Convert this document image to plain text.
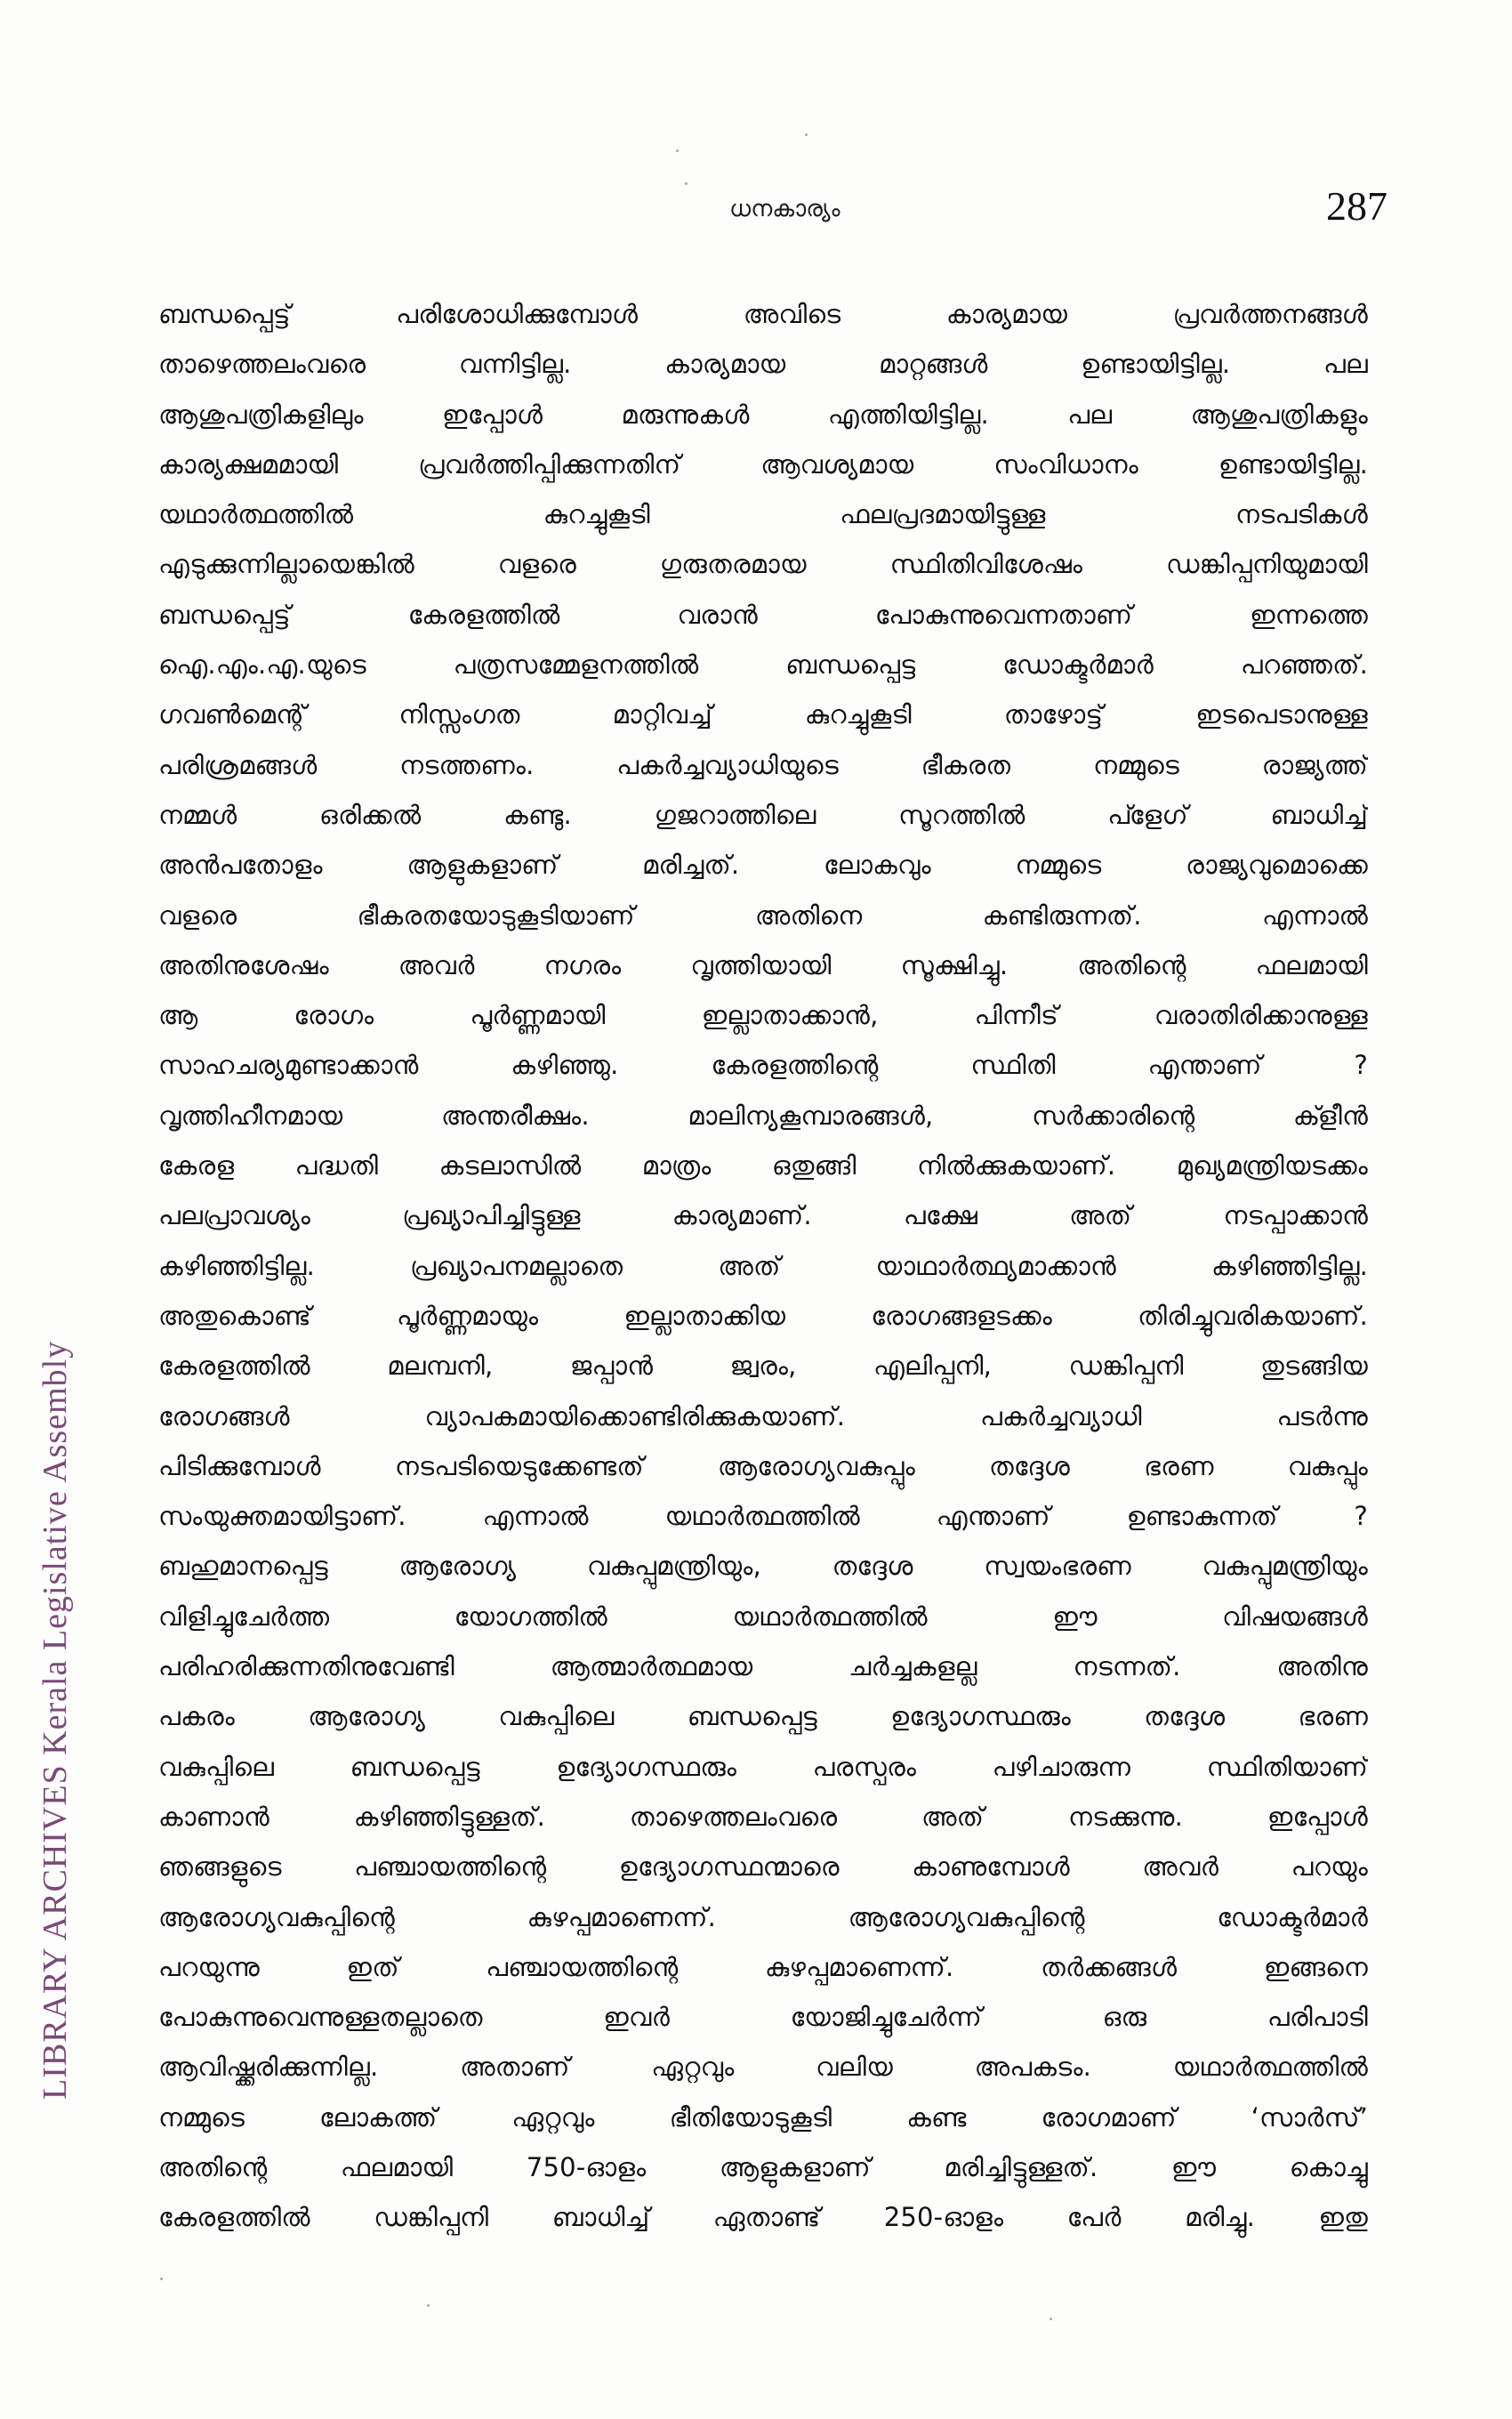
LIBRARY ARCHIVES Kerala Legislative Assembly
ധനകാര്യം	287
ബന്ധപ്പെട്ട് പരിശോധിക്കുമ്പോൾ അവിടെ കാര്യമായ പ്രവർത്തനങ്ങൾ
താഴെത്തലംവരെ വന്നിട്ടില്ല. കാര്യമായ മാറ്റങ്ങൾ ഉണ്ടായിട്ടില്ല. പല
ആശുപത്രികളിലും ഇപ്പോൾ മരുന്നുകൾ എത്തിയിട്ടില്ല. പല ആശുപത്രികളും
കാര്യക്ഷമമായി പ്രവർത്തിപ്പിക്കുന്നതിന് ആവശ്യമായ സംവിധാനം ഉണ്ടായിട്ടില്ല.
യഥാർത്ഥത്തിൽ കുറച്ചുകൂടി ഫലപ്രദമായിട്ടുള്ള നടപടികൾ
എടുക്കുന്നില്ലായെങ്കിൽ വളരെ ഗുരുതരമായ സ്ഥിതിവിശേഷം ഡങ്കിപ്പനിയുമായി
ബന്ധപ്പെട്ട് കേരളത്തിൽ വരാൻ പോകുന്നുവെന്നതാണ് ഇന്നത്തെ
ഐ.എം.എ.യുടെ പത്രസമ്മേളനത്തിൽ ബന്ധപ്പെട്ട ഡോക്ടർമാർ പറഞ്ഞത്.
ഗവൺമെന്റ് നിസ്സംഗത മാറ്റിവച്ച് കുറച്ചുകൂടി താഴോട്ട് ഇടപെടാനുള്ള
പരിശ്രമങ്ങൾ നടത്തണം. പകർച്ചവ്യാധിയുടെ ഭീകരത നമ്മുടെ രാജ്യത്ത്
നമ്മൾ ഒരിക്കൽ കണ്ടു. ഗുജറാത്തിലെ സൂറത്തിൽ പ്ളേഗ് ബാധിച്ച്
അൻപതോളം ആളുകളാണ് മരിച്ചത്. ലോകവും നമ്മുടെ രാജ്യവുമൊക്കെ
വളരെ ഭീകരതയോടുകൂടിയാണ് അതിനെ കണ്ടിരുന്നത്. എന്നാൽ
അതിനുശേഷം അവർ നഗരം വൃത്തിയായി സൂക്ഷിച്ചു. അതിന്റെ ഫലമായി
ആ രോഗം പൂർണ്ണമായി ഇല്ലാതാക്കാൻ, പിന്നീട് വരാതിരിക്കാനുള്ള
സാഹചര്യമുണ്ടാക്കാൻ കഴിഞ്ഞു. കേരളത്തിന്റെ സ്ഥിതി എന്താണ് ?
വൃത്തിഹീനമായ അന്തരീക്ഷം. മാലിന്യകൂമ്പാരങ്ങൾ, സർക്കാരിന്റെ ക്ളീൻ
കേരള പദ്ധതി കടലാസിൽ മാത്രം ഒതുങ്ങി നിൽക്കുകയാണ്. മുഖ്യമന്ത്രിയടക്കം
പലപ്രാവശ്യം പ്രഖ്യാപിച്ചിട്ടുള്ള കാര്യമാണ്. പക്ഷേ അത് നടപ്പാക്കാൻ
കഴിഞ്ഞിട്ടില്ല. പ്രഖ്യാപനമല്ലാതെ അത് യാഥാർത്ഥ്യമാക്കാൻ കഴിഞ്ഞിട്ടില്ല.
അതുകൊണ്ട് പൂർണ്ണമായും ഇല്ലാതാക്കിയ രോഗങ്ങളടക്കം തിരിച്ചുവരികയാണ്.
കേരളത്തിൽ മലമ്പനി, ജപ്പാൻ ജ്വരം, എലിപ്പനി, ഡങ്കിപ്പനി തുടങ്ങിയ
രോഗങ്ങൾ വ്യാപകമായിക്കൊണ്ടിരിക്കുകയാണ്. പകർച്ചവ്യാധി പടർന്നു
പിടിക്കുമ്പോൾ നടപടിയെടുക്കേണ്ടത് ആരോഗ്യവകുപ്പും തദ്ദേശ ഭരണ വകുപ്പും
സംയുക്തമായിട്ടാണ്. എന്നാൽ യഥാർത്ഥത്തിൽ എന്താണ് ഉണ്ടാകുന്നത് ?
ബഹുമാനപ്പെട്ട ആരോഗ്യ വകുപ്പുമന്ത്രിയും, തദ്ദേശ സ്വയംഭരണ വകുപ്പുമന്ത്രിയും
വിളിച്ചുചേർത്ത യോഗത്തിൽ യഥാർത്ഥത്തിൽ ഈ വിഷയങ്ങൾ
പരിഹരിക്കുന്നതിനുവേണ്ടി ആത്മാർത്ഥമായ ചർച്ചകളല്ല നടന്നത്. അതിനു
പകരം ആരോഗ്യ വകുപ്പിലെ ബന്ധപ്പെട്ട ഉദ്യോഗസ്ഥരും തദ്ദേശ ഭരണ
വകുപ്പിലെ ബന്ധപ്പെട്ട ഉദ്യോഗസ്ഥരും പരസ്പരം പഴിചാരുന്ന സ്ഥിതിയാണ്
കാണാൻ കഴിഞ്ഞിട്ടുള്ളത്. താഴെത്തലംവരെ അത് നടക്കുന്നു. ഇപ്പോൾ
ഞങ്ങളുടെ പഞ്ചായത്തിന്റെ ഉദ്യോഗസ്ഥന്മാരെ കാണുമ്പോൾ അവർ പറയും
ആരോഗ്യവകുപ്പിന്റെ കുഴപ്പമാണെന്ന്. ആരോഗ്യവകുപ്പിന്റെ ഡോക്ടർമാർ
പറയുന്നു ഇത് പഞ്ചായത്തിന്റെ കുഴപ്പമാണെന്ന്. തർക്കങ്ങൾ ഇങ്ങനെ
പോകുന്നുവെന്നുള്ളതല്ലാതെ ഇവർ യോജിച്ചുചേർന്ന് ഒരു പരിപാടി
ആവിഷ്ക്കരിക്കുന്നില്ല. അതാണ് ഏറ്റവും വലിയ അപകടം. യഥാർത്ഥത്തിൽ
നമ്മുടെ ലോകത്ത് ഏറ്റവും ഭീതിയോടുകൂടി കണ്ട രോഗമാണ് ‘സാർസ്’
അതിന്റെ ഫലമായി 750-ഓളം ആളുകളാണ് മരിച്ചിട്ടുള്ളത്. ഈ കൊച്ചു
കേരളത്തിൽ ഡങ്കിപ്പനി ബാധിച്ച് ഏതാണ്ട് 250-ഓളം പേർ മരിച്ചു. ഇതു
